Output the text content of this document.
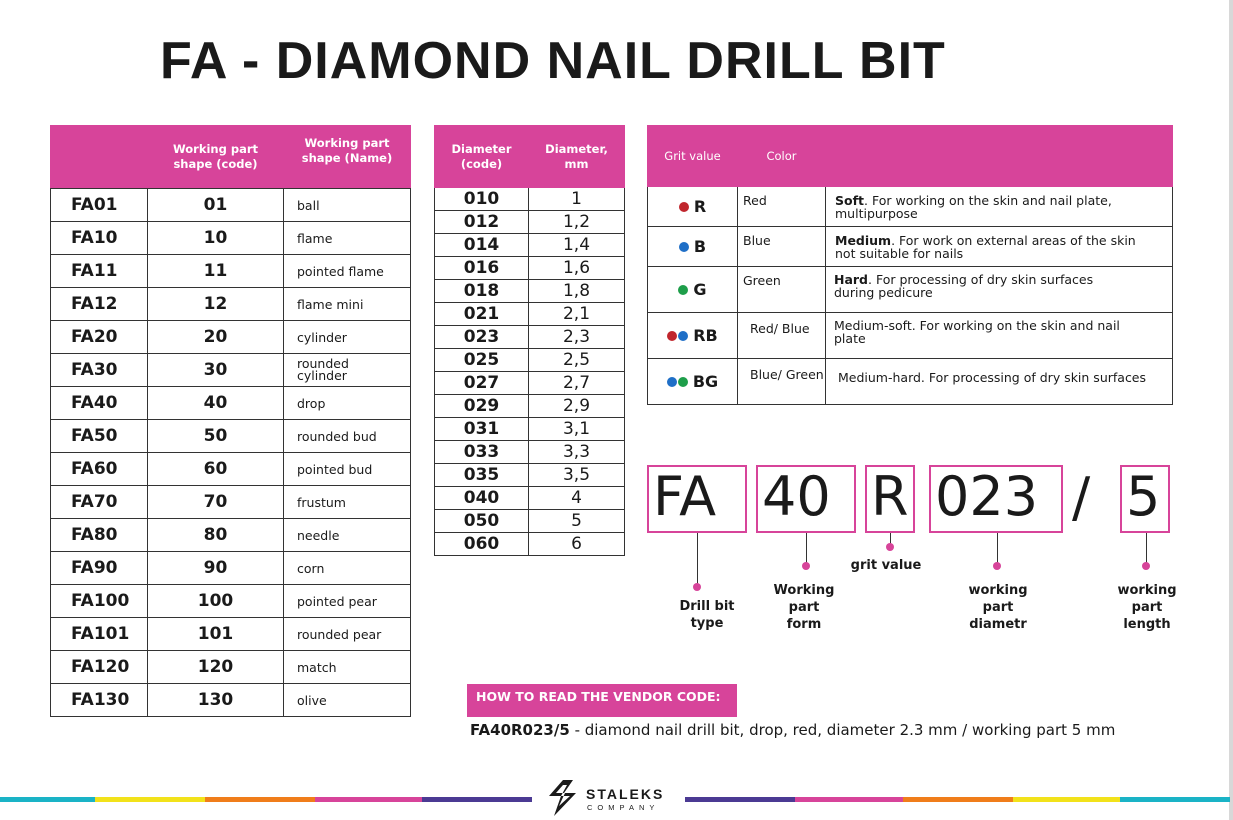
FA - DIAMOND NAIL DRILL BIT
	Working part shape (code)	Working part shape (Name)
FA01	01	ball
FA10	10	flame
FA11	11	pointed flame
FA12	12	flame mini
FA20	20	cylinder
FA30	30	rounded cylinder
FA40	40	drop
FA50	50	rounded bud
FA60	60	pointed bud
FA70	70	frustum
FA80	80	needle
FA90	90	corn
FA100	100	pointed pear
FA101	101	rounded pear
FA120	120	match
FA130	130	olive
Diameter (code)	Diameter, mm
010	1
012	1,2
014	1,4
016	1,6
018	1,8
021	2,1
023	2,3
025	2,5
027	2,7
029	2,9
031	3,1
033	3,3
035	3,5
040	4
050	5
060	6
Grit value	Color	
R	Red	Soft. For working on the skin and nail plate, multipurpose
B	Blue	Medium. For work on external areas of the skin not suitable for nails
G	Green	Hard. For processing of dry skin surfaces during pedicure
RB	Red/ Blue	Medium-soft. For working on the skin and nail plate
BG	Blue/ Green	Medium-hard. For processing of dry skin surfaces
FA 40 R 023 / 5
Drill bit
type
Working
part
form
grit value
working
part
diametr
working
part
length
HOW TO READ THE VENDOR CODE:
FA40R023/5 - diamond nail drill bit, drop, red, diameter 2.3 mm / working part 5 mm
STALEKS
COMPANY
